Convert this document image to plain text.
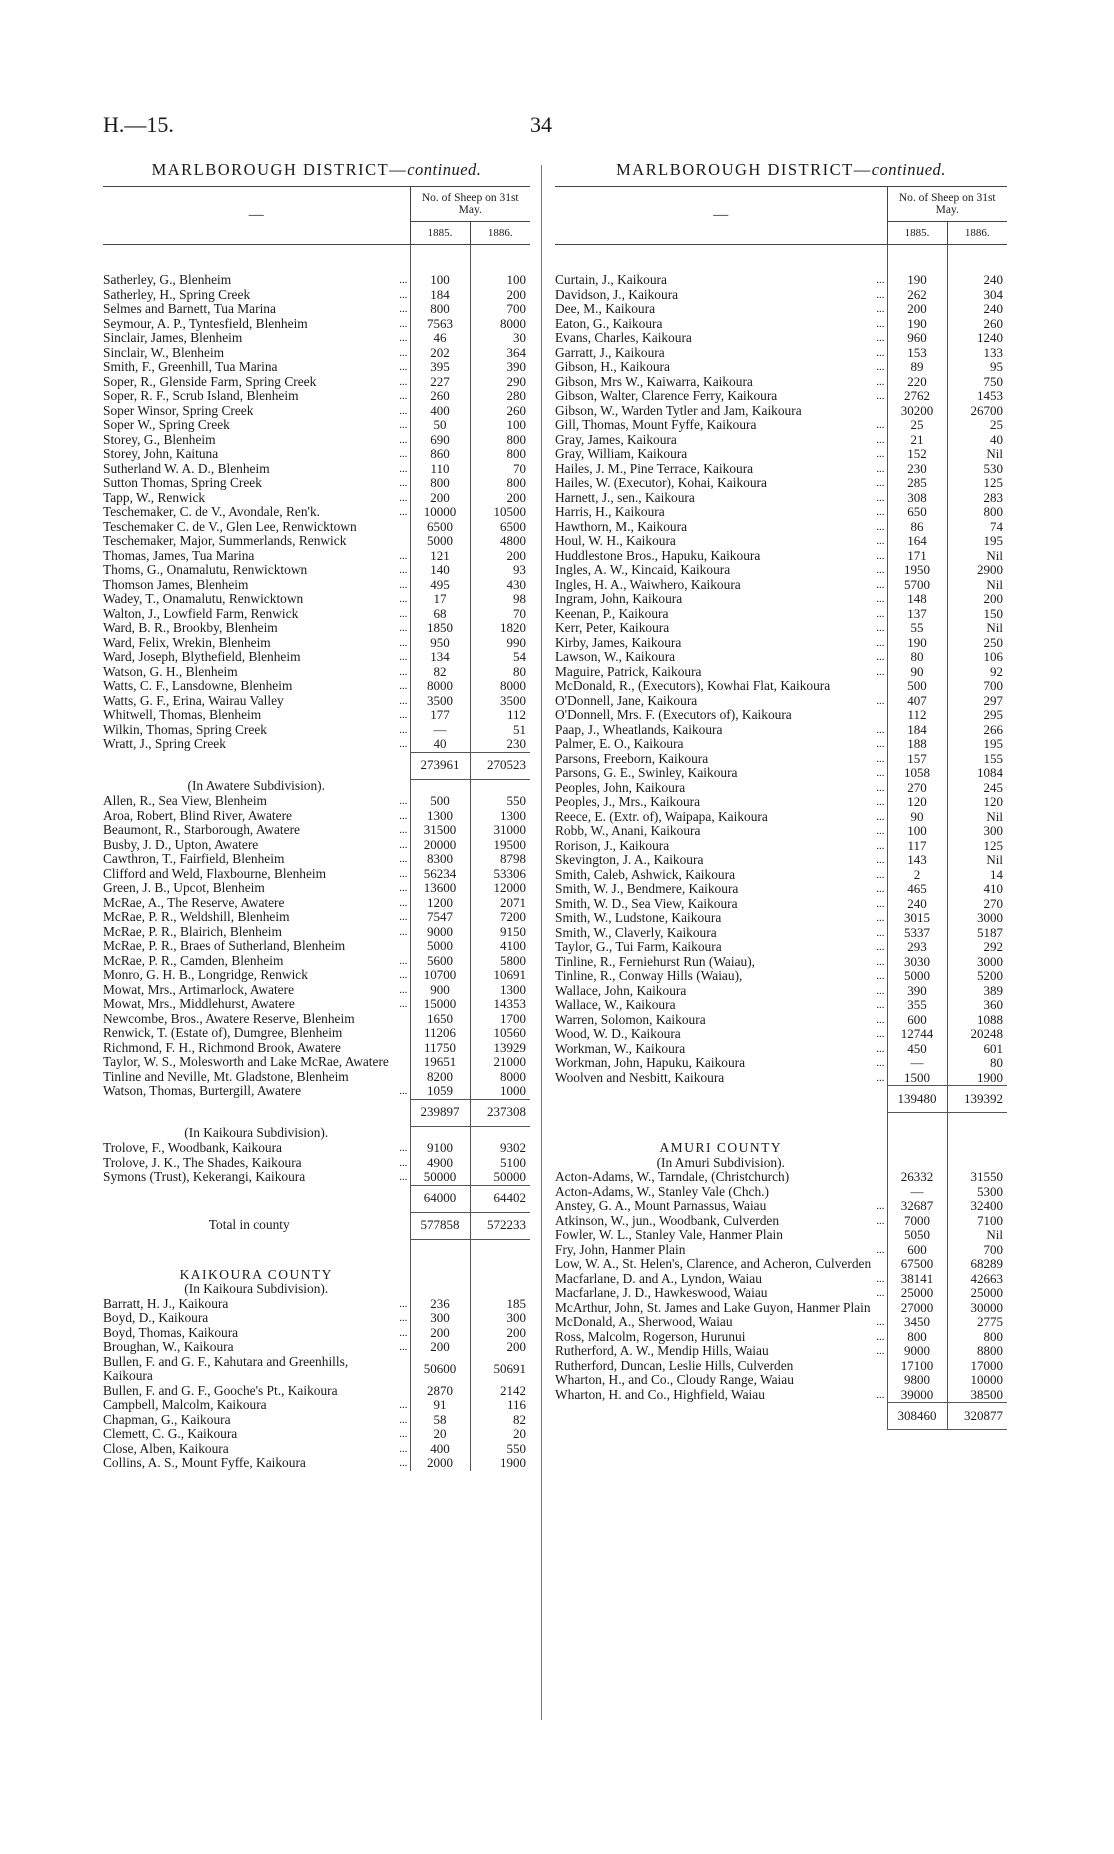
H.—15.	34
MARLBOROUGH DISTRICT—continued.
—	No. of Sheep on 31st May.	
	1885.	1886.

Satherley, G., Blenheim ...	100	100
Satherley, H., Spring Creek ...	184	200
Selmes and Barnett, Tua Marina ...	800	700
Seymour, A. P., Tyntesfield, Blenheim ...	7563	8000
Sinclair, James, Blenheim ...	46	30
Sinclair, W., Blenheim ...	202	364
Smith, F., Greenhill, Tua Marina ...	395	390
Soper, R., Glenside Farm, Spring Creek ...	227	290
Soper, R. F., Scrub Island, Blenheim ...	260	280
Soper Winsor, Spring Creek ...	400	260
Soper W., Spring Creek ...	50	100
Storey, G., Blenheim ...	690	800
Storey, John, Kaituna ...	860	800
Sutherland W. A. D., Blenheim ...	110	70
Sutton Thomas, Spring Creek ...	800	800
Tapp, W., Renwick ...	200	200
Teschemaker, C. de V., Avondale, Ren'k. ...	10000	10500
Teschemaker C. de V., Glen Lee, Renwicktown	6500	6500
Teschemaker, Major, Summerlands, Renwick	5000	4800
Thomas, James, Tua Marina ...	121	200
Thoms, G., Onamalutu, Renwicktown ...	140	93
Thomson James, Blenheim ...	495	430
Wadey, T., Onamalutu, Renwicktown ...	17	98
Walton, J., Lowfield Farm, Renwick ...	68	70
Ward, B. R., Brookby, Blenheim ...	1850	1820
Ward, Felix, Wrekin, Blenheim ...	950	990
Ward, Joseph, Blythefield, Blenheim ...	134	54
Watson, G. H., Blenheim ...	82	80
Watts, C. F., Lansdowne, Blenheim ...	8000	8000
Watts, G. F., Erina, Wairau Valley ...	3500	3500
Whitwell, Thomas, Blenheim ...	177	112
Wilkin, Thomas, Spring Creek ...	—	51
Wratt, J., Spring Creek ...	40	230
	273961	270523
(In Awatere Subdivision).		
Allen, R., Sea View, Blenheim ...	500	550
Aroa, Robert, Blind River, Awatere ...	1300	1300
Beaumont, R., Starborough, Awatere ...	31500	31000
Busby, J. D., Upton, Awatere ...	20000	19500
Cawthron, T., Fairfield, Blenheim ...	8300	8798
Clifford and Weld, Flaxbourne, Blenheim ...	56234	53306
Green, J. B., Upcot, Blenheim ...	13600	12000
McRae, A., The Reserve, Awatere ...	1200	2071
McRae, P. R., Weldshill, Blenheim ...	7547	7200
McRae, P. R., Blairich, Blenheim ...	9000	9150
McRae, P. R., Braes of Sutherland, Blenheim	5000	4100
McRae, P. R., Camden, Blenheim ...	5600	5800
Monro, G. H. B., Longridge, Renwick ...	10700	10691
Mowat, Mrs., Artimarlock, Awatere ...	900	1300
Mowat, Mrs., Middlehurst, Awatere ...	15000	14353
Newcombe, Bros., Awatere Reserve, Blenheim	1650	1700
Renwick, T. (Estate of), Dumgree, Blenheim	11206	10560
Richmond, F. H., Richmond Brook, Awatere	11750	13929
Taylor, W. S., Molesworth and Lake McRae, Awatere	19651	21000
Tinline and Neville, Mt. Gladstone, Blenheim	8200	8000
Watson, Thomas, Burtergill, Awatere ...	1059	1000
	239897	237308
(In Kaikoura Subdivision).		
Trolove, F., Woodbank, Kaikoura ...	9100	9302
Trolove, J. K., The Shades, Kaikoura ...	4900	5100
Symons (Trust), Kekerangi, Kaikoura ...	50000	50000
	64000	64402
Total in county	577858	572233

KAIKOURA COUNTY		
(In Kaikoura Subdivision).		
Barratt, H. J., Kaikoura ...	236	185
Boyd, D., Kaikoura ...	300	300
Boyd, Thomas, Kaikoura ...	200	200
Broughan, W., Kaikoura ...	200	200
Bullen, F. and G. F., Kahutara and Greenhills, Kaikoura	50600	50691
Bullen, F. and G. F., Gooche's Pt., Kaikoura	2870	2142
Campbell, Malcolm, Kaikoura ...	91	116
Chapman, G., Kaikoura ...	58	82
Clemett, C. G., Kaikoura ...	20	20
Close, Alben, Kaikoura ...	400	550
Collins, A. S., Mount Fyffe, Kaikoura ...	2000	1900
MARLBOROUGH DISTRICT—continued.
—	No. of Sheep on 31st May.	
	1885.	1886.

Curtain, J., Kaikoura ...	190	240
Davidson, J., Kaikoura ...	262	304
Dee, M., Kaikoura ...	200	240
Eaton, G., Kaikoura ...	190	260
Evans, Charles, Kaikoura ...	960	1240
Garratt, J., Kaikoura ...	153	133
Gibson, H., Kaikoura ...	89	95
Gibson, Mrs W., Kaiwarra, Kaikoura ...	220	750
Gibson, Walter, Clarence Ferry, Kaikoura ...	2762	1453
Gibson, W., Warden Tytler and Jam, Kaikoura	30200	26700
Gill, Thomas, Mount Fyffe, Kaikoura ...	25	25
Gray, James, Kaikoura ...	21	40
Gray, William, Kaikoura ...	152	Nil
Hailes, J. M., Pine Terrace, Kaikoura ...	230	530
Hailes, W. (Executor), Kohai, Kaikoura ...	285	125
Harnett, J., sen., Kaikoura ...	308	283
Harris, H., Kaikoura ...	650	800
Hawthorn, M., Kaikoura ...	86	74
Houl, W. H., Kaikoura ...	164	195
Huddlestone Bros., Hapuku, Kaikoura ...	171	Nil
Ingles, A. W., Kincaid, Kaikoura ...	1950	2900
Ingles, H. A., Waiwhero, Kaikoura ...	5700	Nil
Ingram, John, Kaikoura ...	148	200
Keenan, P., Kaikoura ...	137	150
Kerr, Peter, Kaikoura ...	55	Nil
Kirby, James, Kaikoura ...	190	250
Lawson, W., Kaikoura ...	80	106
Maguire, Patrick, Kaikoura ...	90	92
McDonald, R., (Executors), Kowhai Flat, Kaikoura	500	700
O'Donnell, Jane, Kaikoura ...	407	297
O'Donnell, Mrs. F. (Executors of), Kaikoura	112	295
Paap, J., Wheatlands, Kaikoura ...	184	266
Palmer, E. O., Kaikoura ...	188	195
Parsons, Freeborn, Kaikoura ...	157	155
Parsons, G. E., Swinley, Kaikoura ...	1058	1084
Peoples, John, Kaikoura ...	270	245
Peoples, J., Mrs., Kaikoura ...	120	120
Reece, E. (Extr. of), Waipapa, Kaikoura ...	90	Nil
Robb, W., Anani, Kaikoura ...	100	300
Rorison, J., Kaikoura ...	117	125
Skevington, J. A., Kaikoura ...	143	Nil
Smith, Caleb, Ashwick, Kaikoura ...	2	14
Smith, W. J., Bendmere, Kaikoura ...	465	410
Smith, W. D., Sea View, Kaikoura ...	240	270
Smith, W., Ludstone, Kaikoura ...	3015	3000
Smith, W., Claverly, Kaikoura ...	5337	5187
Taylor, G., Tui Farm, Kaikoura ...	293	292
Tinline, R., Ferniehurst Run (Waiau), ...	3030	3000
Tinline, R., Conway Hills (Waiau), ...	5000	5200
Wallace, John, Kaikoura ...	390	389
Wallace, W., Kaikoura ...	355	360
Warren, Solomon, Kaikoura ...	600	1088
Wood, W. D., Kaikoura ...	12744	20248
Workman, W., Kaikoura ...	450	601
Workman, John, Hapuku, Kaikoura ...	—	80
Woolven and Nesbitt, Kaikoura ...	1500	1900
	139480	139392

AMURI COUNTY		
(In Amuri Subdivision).		
Acton-Adams, W., Tarndale, (Christchurch)	26332	31550
Acton-Adams, W., Stanley Vale (Chch.)	—	5300
Anstey, G. A., Mount Parnassus, Waiau ...	32687	32400
Atkinson, W., jun., Woodbank, Culverden ...	7000	7100
Fowler, W. L., Stanley Vale, Hanmer Plain	5050	Nil
Fry, John, Hanmer Plain ...	600	700
Low, W. A., St. Helen's, Clarence, and Acheron, Culverden	67500	68289
Macfarlane, D. and A., Lyndon, Waiau ...	38141	42663
Macfarlane, J. D., Hawkeswood, Waiau ...	25000	25000
McArthur, John, St. James and Lake Guyon, Hanmer Plain	27000	30000
McDonald, A., Sherwood, Waiau ...	3450	2775
Ross, Malcolm, Rogerson, Hurunui ...	800	800
Rutherford, A. W., Mendip Hills, Waiau ...	9000	8800
Rutherford, Duncan, Leslie Hills, Culverden	17100	17000
Wharton, H., and Co., Cloudy Range, Waiau	9800	10000
Wharton, H. and Co., Highfield, Waiau ...	39000	38500
	308460	320877
